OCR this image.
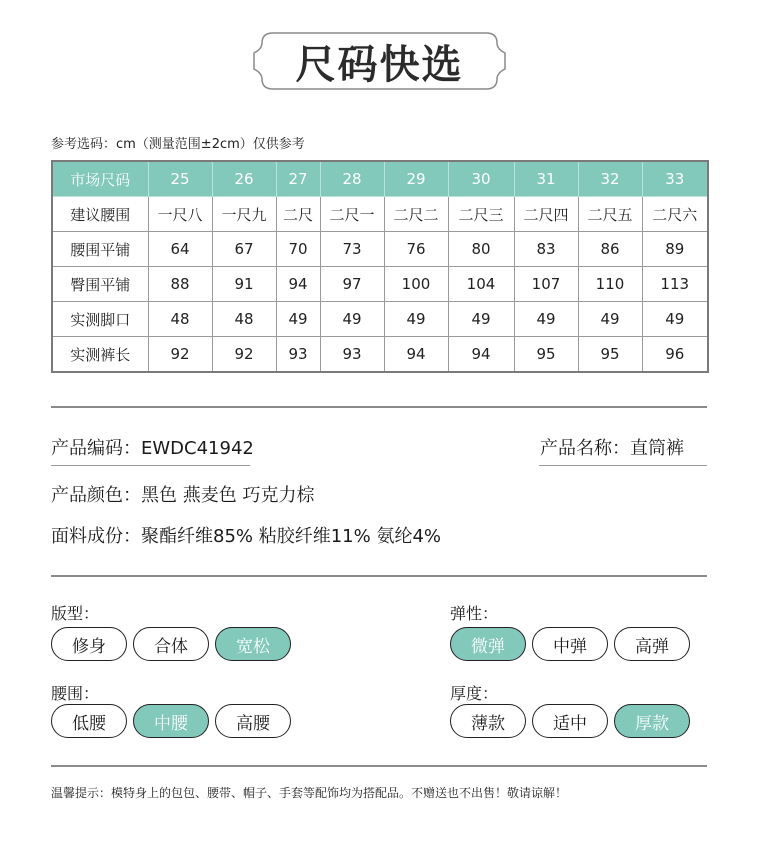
尺码快选
参考选码：cm（测量范围±2cm）仅供参考
市场尺码	25	26	27	28	29	30	31	32	33
建议腰围	一尺八	一尺九	二尺	二尺一	二尺二	二尺三	二尺四	二尺五	二尺六
腰围平铺	64	67	70	73	76	80	83	86	89
臀围平铺	88	91	94	97	100	104	107	110	113
实测脚口	48	48	49	49	49	49	49	49	49
实测裤长	92	92	93	93	94	94	95	95	96
产品编码：EWDC41942	产品名称：直筒裤
产品颜色：黑色 燕麦色 巧克力棕
面料成份：聚酯纤维85% 粘胶纤维11% 氨纶4%
版型：
修身	合体	宽松
弹性：
微弹	中弹	高弹
腰围：
低腰	中腰	高腰
厚度：
薄款	适中	厚款
温馨提示：模特身上的包包、腰带、帽子、手套等配饰均为搭配品。不赠送也不出售！敬请谅解！
